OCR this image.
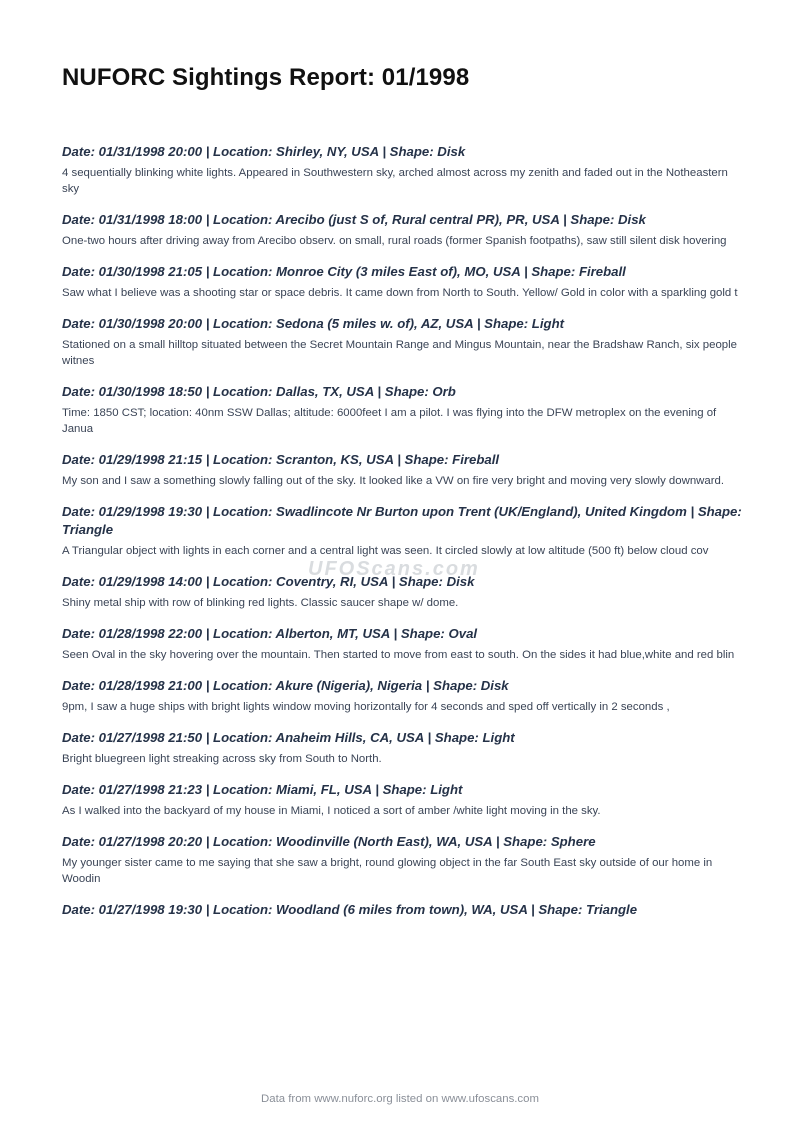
NUFORC Sightings Report: 01/1998
Date: 01/31/1998 20:00 | Location: Shirley, NY, USA | Shape: Disk
4 sequentially blinking white lights. Appeared in Southwestern sky, arched almost across my zenith and faded out in the Notheastern sky
Date: 01/31/1998 18:00 | Location: Arecibo (just S of, Rural central PR), PR, USA | Shape: Disk
One-two hours after driving away from Arecibo observ. on small, rural roads (former Spanish footpaths), saw still silent disk hovering
Date: 01/30/1998 21:05 | Location: Monroe City (3 miles East of), MO, USA | Shape: Fireball
Saw what I believe was a shooting star or space debris. It came down from North to South. Yellow/ Gold in color with a sparkling gold t
Date: 01/30/1998 20:00 | Location: Sedona (5 miles w. of), AZ, USA | Shape: Light
Stationed on a small hilltop situated between the Secret Mountain Range and Mingus Mountain, near the Bradshaw Ranch, six people witnes
Date: 01/30/1998 18:50 | Location: Dallas, TX, USA | Shape: Orb
Time: 1850 CST; location: 40nm SSW Dallas; altitude: 6000feet I am a pilot. I was flying into the DFW metroplex on the evening of Janua
Date: 01/29/1998 21:15 | Location: Scranton, KS, USA | Shape: Fireball
My son and I saw a something slowly falling out of the sky. It looked like a VW on fire very bright and moving very slowly downward.
Date: 01/29/1998 19:30 | Location: Swadlincote Nr Burton upon Trent (UK/England), United Kingdom | Shape: Triangle
A Triangular object with lights in each corner and a central light was seen. It circled slowly at low altitude (500 ft) below cloud cov
Date: 01/29/1998 14:00 | Location: Coventry, RI, USA | Shape: Disk
Shiny metal ship with row of blinking red lights. Classic saucer shape w/ dome.
Date: 01/28/1998 22:00 | Location: Alberton, MT, USA | Shape: Oval
Seen Oval in the sky hovering over the mountain. Then started to move from east to south. On the sides it had blue,white and red blin
Date: 01/28/1998 21:00 | Location: Akure (Nigeria), Nigeria | Shape: Disk
9pm, I saw a huge ships with bright lights window moving horizontally for 4 seconds and sped off vertically in 2 seconds ,
Date: 01/27/1998 21:50 | Location: Anaheim Hills, CA, USA | Shape: Light
Bright bluegreen light streaking across sky from South to North.
Date: 01/27/1998 21:23 | Location: Miami, FL, USA | Shape: Light
As I walked into the backyard of my house in Miami, I noticed a sort of amber /white light moving in the sky.
Date: 01/27/1998 20:20 | Location: Woodinville (North East), WA, USA | Shape: Sphere
My younger sister came to me saying that she saw a bright, round glowing object in the far South East sky outside of our home in Woodin
Date: 01/27/1998 19:30 | Location: Woodland (6 miles from town), WA, USA | Shape: Triangle
UFOScans.com
Data from www.nuforc.org listed on www.ufoscans.com
